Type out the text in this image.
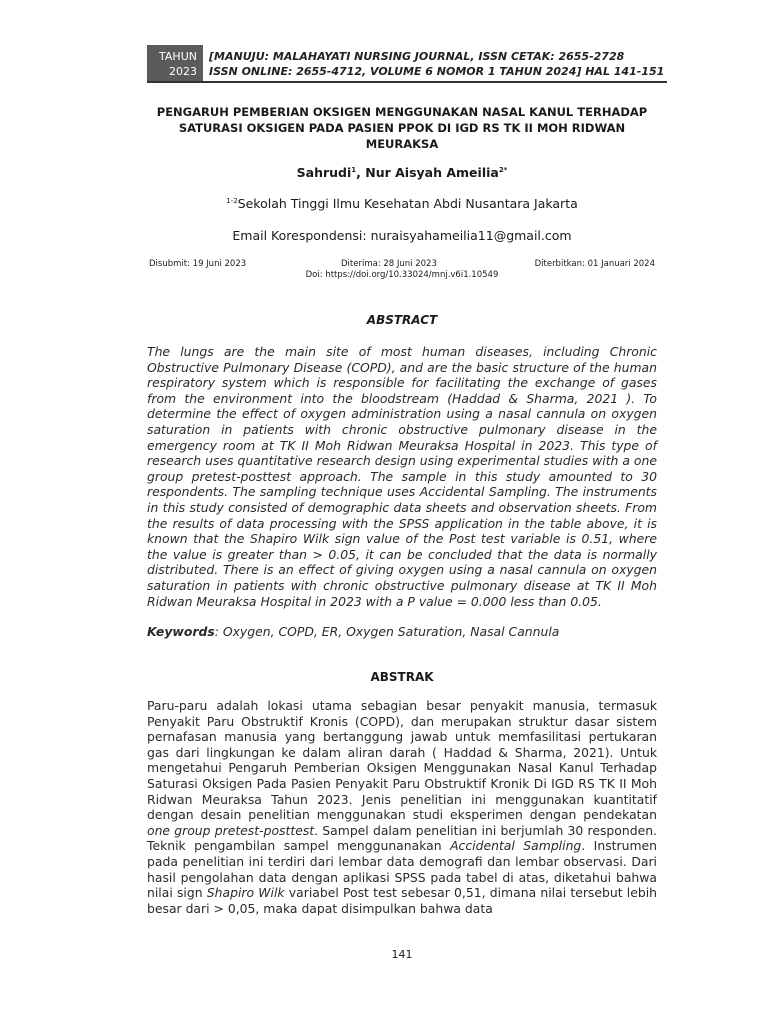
TAHUN
2023
[MANUJU: MALAHAYATI NURSING JOURNAL, ISSN CETAK: 2655-2728
ISSN ONLINE: 2655-4712, VOLUME 6 NOMOR 1 TAHUN 2024] HAL 141-151
PENGARUH PEMBERIAN OKSIGEN MENGGUNAKAN NASAL KANUL TERHADAP
SATURASI OKSIGEN PADA PASIEN PPOK DI IGD RS TK II MOH RIDWAN
MEURAKSA
Sahrudi$^1$, Nur Aisyah Ameilia$^{2*}$
$^{1-2}$Sekolah Tinggi Ilmu Kesehatan Abdi Nusantara Jakarta
Email Korespondensi: nuraisyahameilia11@gmail.com
Disubmit: 19 Juni 2023	Diterima: 28 Juni 2023	Diterbitkan: 01 Januari 2024
Doi: https://doi.org/10.33024/mnj.v6i1.10549
ABSTRACT
The lungs are the main site of most human diseases, including Chronic Obstructive Pulmonary Disease (COPD), and are the basic structure of the human respiratory system which is responsible for facilitating the exchange of gases from the environment into the bloodstream (Haddad & Sharma, 2021 ). To determine the effect of oxygen administration using a nasal cannula on oxygen saturation in patients with chronic obstructive pulmonary disease in the emergency room at TK II Moh Ridwan Meuraksa Hospital in 2023. This type of research uses quantitative research design using experimental studies with a one group pretest-posttest approach. The sample in this study amounted to 30 respondents. The sampling technique uses Accidental Sampling. The instruments in this study consisted of demographic data sheets and observation sheets. From the results of data processing with the SPSS application in the table above, it is known that the Shapiro Wilk sign value of the Post test variable is 0.51, where the value is greater than > 0.05, it can be concluded that the data is normally distributed. There is an effect of giving oxygen using a nasal cannula on oxygen saturation in patients with chronic obstructive pulmonary disease at TK II Moh Ridwan Meuraksa Hospital in 2023 with a P value = 0.000 less than 0.05.
Keywords: Oxygen, COPD, ER, Oxygen Saturation, Nasal Cannula
ABSTRAK
Paru-paru adalah lokasi utama sebagian besar penyakit manusia, termasuk Penyakit Paru Obstruktif Kronis (COPD), dan merupakan struktur dasar sistem pernafasan manusia yang bertanggung jawab untuk memfasilitasi pertukaran gas dari lingkungan ke dalam aliran darah ( Haddad & Sharma, 2021). Untuk mengetahui Pengaruh Pemberian Oksigen Menggunakan Nasal Kanul Terhadap Saturasi Oksigen Pada Pasien Penyakit Paru Obstruktif Kronik Di IGD RS TK II Moh Ridwan Meuraksa Tahun 2023. Jenis penelitian ini menggunakan kuantitatif dengan desain penelitian menggunakan studi eksperimen dengan pendekatan one group pretest-posttest. Sampel dalam penelitian ini berjumlah 30 responden. Teknik pengambilan sampel menggunanakan Accidental Sampling. Instrumen pada penelitian ini terdiri dari lembar data demografi dan lembar observasi. Dari hasil pengolahan data dengan aplikasi SPSS pada tabel di atas, diketahui bahwa nilai sign Shapiro Wilk variabel Post test sebesar 0,51, dimana nilai tersebut lebih besar dari > 0,05, maka dapat disimpulkan bahwa data
141
